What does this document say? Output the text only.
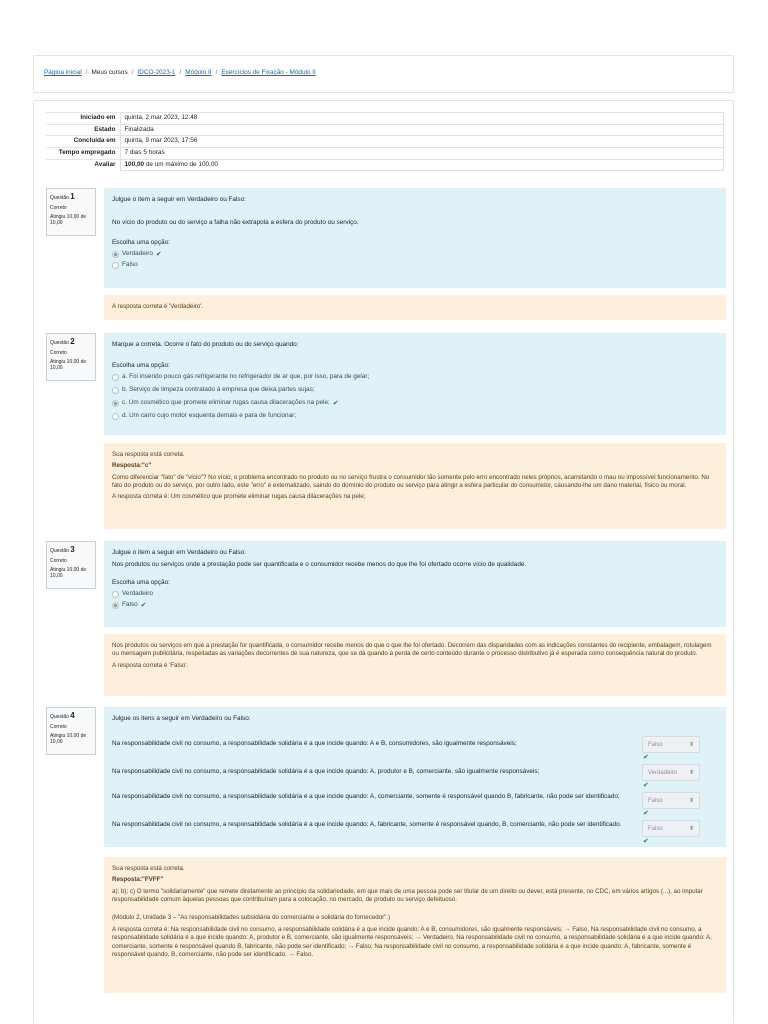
Página inicial / Meus cursos / IDCO-2023-1 / Módulo II / Exercícios de Fixação - Módulo II
Iniciado em	quinta, 2 mar 2023, 12:48
Estado	Finalizada
Concluída em	quinta, 9 mar 2023, 17:56
Tempo empregado	7 dias 5 horas
Avaliar	100,00 de um máximo de 100,00
Questão 1
Correto
Atingiu 10,00 de 10,00

Julgue o item a seguir em Verdadeiro ou Falso:

No vício do produto ou do serviço a falha não extrapola a esfera do produto ou serviço.

Escolha uma opção:

Verdadeiro ✔
Falso

A resposta correta é 'Verdadeiro'.

Questão 2
Correto
Atingiu 10,00 de 10,00

Marque a correta. Ocorre o fato do produto ou do serviço quando:

Escolha uma opção:

a. Foi inserido pouco gás refrigerante no refrigerador de ar que, por isso, para de gelar;
b. Serviço de limpeza contratado à empresa que deixa partes sujas;
c. Um cosmético que promete eliminar rugas causa dilacerações na pele; ✔
d. Um carro cujo motor esquenta demais e para de funcionar;

Sua resposta está correta.

Resposta:"c"

Como diferenciar "fato" de "vício"? No vício, o problema encontrado no produto ou no serviço frustra o consumidor tão somente pelo erro encontrado neles próprios, acarretando o mau ou impossível funcionamento. No fato do produto ou do serviço, por outro lado, este "erro" é externalizado, saindo do domínio do produto ou serviço para atingir a esfera particular do consumidor, causando-lhe um dano material, físico ou moral.

A resposta correta é: Um cosmético que promete eliminar rugas causa dilacerações na pele;

Questão 3
Correto
Atingiu 10,00 de 10,00

Julgue o item a seguir em Verdadeiro ou Falso:

Nos produtos ou serviços onde a prestação pode ser quantificada e o consumidor recebe menos do que lhe foi ofertado ocorre vício de qualidade.

Escolha uma opção:

Verdadeiro
Falso ✔

Nos produtos ou serviços em que a prestação for quantificada, o consumidor recebe menos do que o que lhe foi ofertado. Decorrem das disparidades com as indicações constantes do recipiente, embalagem, rotulagem ou mensagem publicitária, respeitadas as variações decorrentes de sua natureza, que se dá quando a perda de certo conteúdo durante o processo distributivo já é esperada como consequência natural do produto.

A resposta correta é 'Falso'.

Questão 4
Correto
Atingiu 10,00 de 10,00

Julgue os itens a seguir em Verdadeiro ou Falso:

Na responsabilidade civil no consumo, a responsabilidade solidária é a que incide quando: A e B, consumidores, são igualmente responsáveis;	Falso	⬍
✔
Na responsabilidade civil no consumo, a responsabilidade solidária é a que incide quando: A, produtor e B, comerciante, são igualmente responsáveis;	Verdadeiro ⬍
✔
Na responsabilidade civil no consumo, a responsabilidade solidária é a que incide quando: A, comerciante, somente é responsável quando B, fabricante, não pode ser identificado;
Falso	⬍
✔
Na responsabilidade civil no consumo, a responsabilidade solidária é a que incide quando: A, fabricante, somente é responsável quando, B, comerciante, não pode ser identificado.
Falso	⬍
✔

Sua resposta está correta.

Resposta:"FVFF"

a); b); c) O termo "solidariamente" que remete diretamente ao princípio da solidariedade, em que mais de uma pessoa pode ser titular de um direito ou dever, está presente, no CDC, em vários artigos (...), ao imputar responsabilidade comum àquelas pessoas que contribuíram para a colocação, no mercado, de produto ou serviço defeituoso.

(Módulo 2, Unidade 3 – "As responsabilidades subsidiária do comerciante e solidária do fornecedor".)

A resposta correta é: Na responsabilidade civil no consumo, a responsabilidade solidária é a que incide quando: A e B, consumidores, são igualmente responsáveis; → Falso, Na responsabilidade civil no consumo, a responsabilidade solidária é a que incide quando: A, produtor e B, comerciante, são igualmente responsáveis; → Verdadeiro, Na responsabilidade civil no consumo, a responsabilidade solidária é a que incide quando: A, comerciante, somente é responsável quando B, fabricante, não pode ser identificado; → Falso, Na responsabilidade civil no consumo, a responsabilidade solidária é a que incide quando: A, fabricante, somente é responsável quando, B, comerciante, não pode ser identificado. → Falso.
